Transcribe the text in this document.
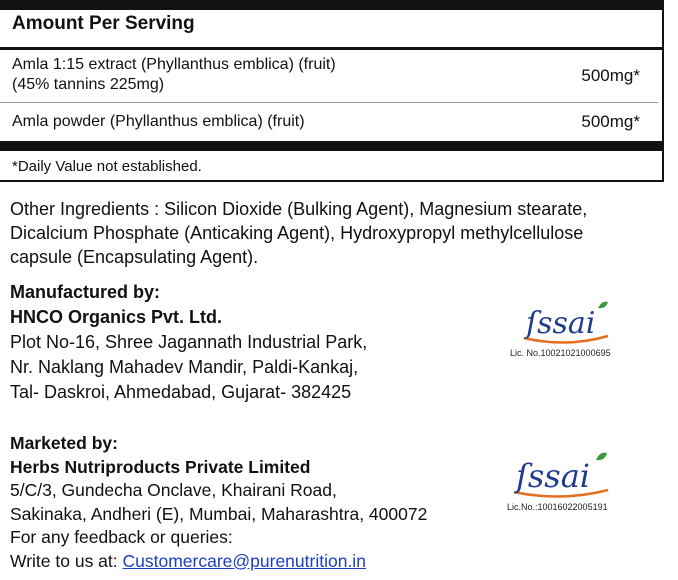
Amount Per Serving
Amla 1:15 extract (Phyllanthus emblica) (fruit)
(45% tannins 225mg)	500mg*
Amla powder (Phyllanthus emblica) (fruit)	500mg*
*Daily Value not established.
Other Ingredients : Silicon Dioxide (Bulking Agent), Magnesium stearate,
Dicalcium Phosphate (Anticaking Agent), Hydroxypropyl methylcellulose
capsule (Encapsulating Agent).
Manufactured by:
HNCO Organics Pvt. Ltd.
Plot No-16, Shree Jagannath Industrial Park,
Nr. Naklang Mahadev Mandir, Paldi-Kankaj,
Tal- Daskroi, Ahmedabad, Gujarat- 382425
ſssai
Lic. No.10021021000695
Marketed by:
Herbs Nutriproducts Private Limited
5/C/3, Gundecha Onclave, Khairani Road,
Sakinaka, Andheri (E), Mumbai, Maharashtra, 400072
For any feedback or queries:
Write to us at: Customercare@purenutrition.in
ſssai
Lic.No.:10016022005191
